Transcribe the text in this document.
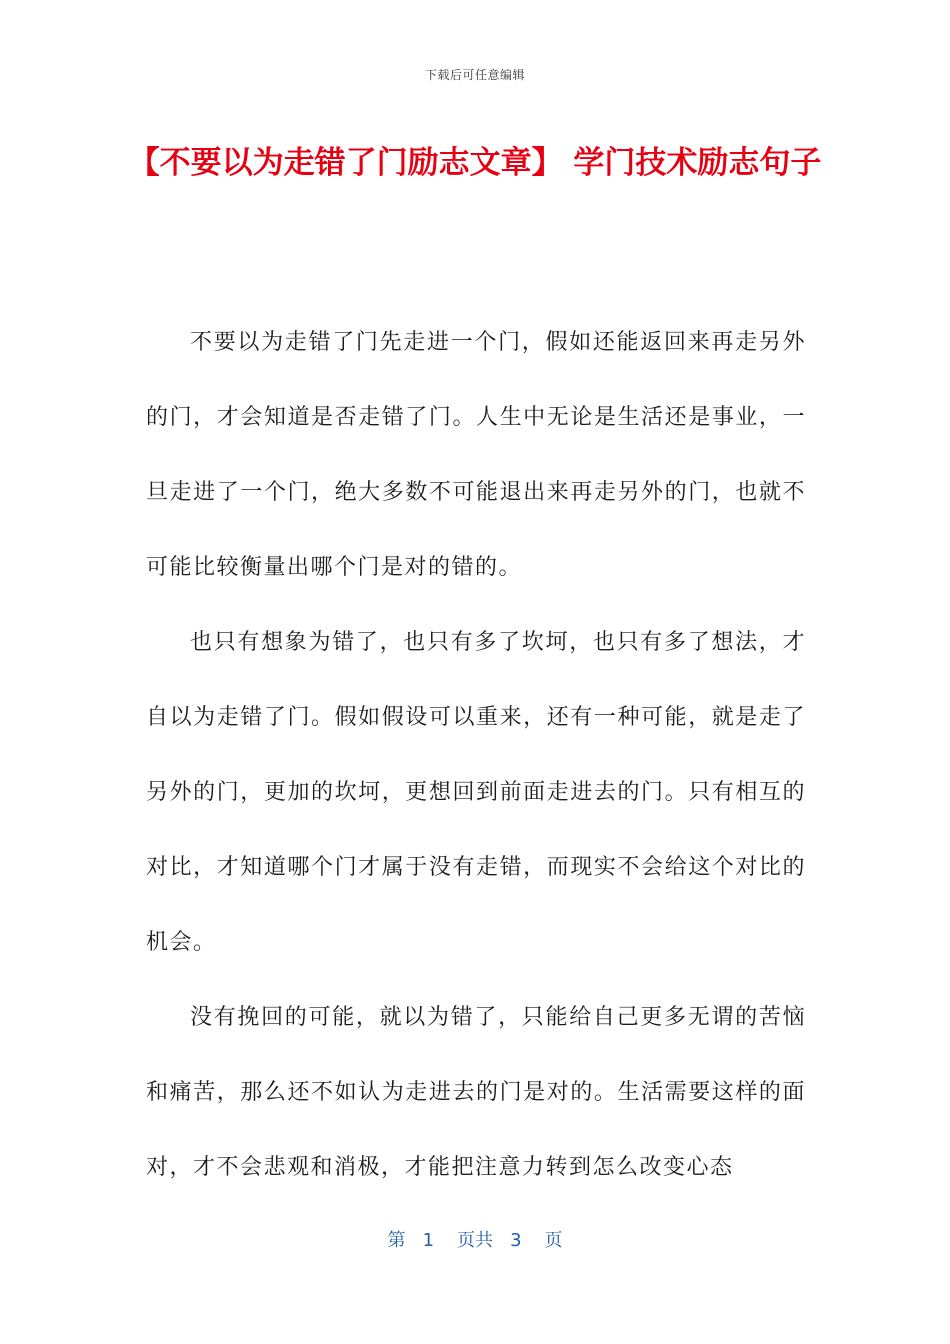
下载后可任意编辑
【不要以为走错了门励志文章】 学门技术励志句子

不要以为走错了门先走进一个门，假如还能返回来再走另外的门，才会知道是否走错了门。人生中无论是生活还是事业，一旦走进了一个门，绝大多数不可能退出来再走另外的门，也就不可能比较衡量出哪个门是对的错的。

也只有想象为错了，也只有多了坎坷，也只有多了想法，才自以为走错了门。假如假设可以重来，还有一种可能，就是走了另外的门，更加的坎坷，更想回到前面走进去的门。只有相互的对比，才知道哪个门才属于没有走错，而现实不会给这个对比的机会。

没有挽回的可能，就以为错了，只能给自己更多无谓的苦恼和痛苦，那么还不如认为走进去的门是对的。生活需要这样的面对，才不会悲观和消极，才能把注意力转到怎么改变心态

第 1 页共 3 页
